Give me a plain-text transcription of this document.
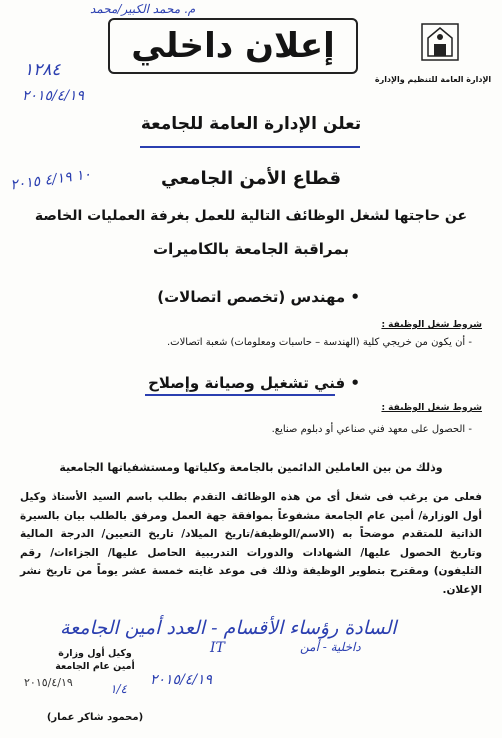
الإدارة العامة للتنظيم والإدارة
إعلان داخلي
م. محمد الكبير/محمد
١٢٨٤
٢٠١٥/٤/١٩
١٠ ٤/١٩ ٢٠١٥
تعلن الإدارة العامة للجامعة
قطاع الأمن الجامعي
عن حاجتها لشغل الوظائف التالية للعمل بغرفة العمليات الخاصة
بمراقبة الجامعة بالكاميرات
• مهندس (تخصص اتصالات)
شروط شغل الوظيفة :
- أن يكون من خريجي كلية (الهندسة – حاسبات ومعلومات) شعبة اتصالات.
• فني تشغيل وصيانة وإصلاح
شروط شغل الوظيفة :
- الحصول على معهد فني صناعي أو دبلوم صنايع.
وذلك من بين العاملين الدائمين بالجامعة وكلياتها ومستشفياتها الجامعية
فعلى من يرغب فى شغل أى من هذه الوظائف التقدم بطلب باسم السيد الأستاذ وكيل أول الوزارة/ أمين عام الجامعة مشفوعاً بموافقة جهة العمل ومرفق بالطلب بيان بالسيرة الذاتية للمتقدم موضحاً به (الاسم/الوظيفة/تاريخ الميلاد/ تاريخ التعيين/ الدرجة المالية وتاريخ الحصول عليها/ الشهادات والدورات التدريبية الحاصل عليها/ الجزاءات/ رقم التليفون) ومقترح بتطوير الوظيفة وذلك فى موعد غايته خمسة عشر يوماً من تاريخ نشر الإعلان.
السادة رؤساء الأقسام - العدد أمين الجامعة
داخلية - أمن
IT
٢٠١٥/٤/١٩
١/٤
٢٠١٥/٤/١٩
وكيل أول وزارة
أمين عام الجامعة
(محمود شاكر عمار)
